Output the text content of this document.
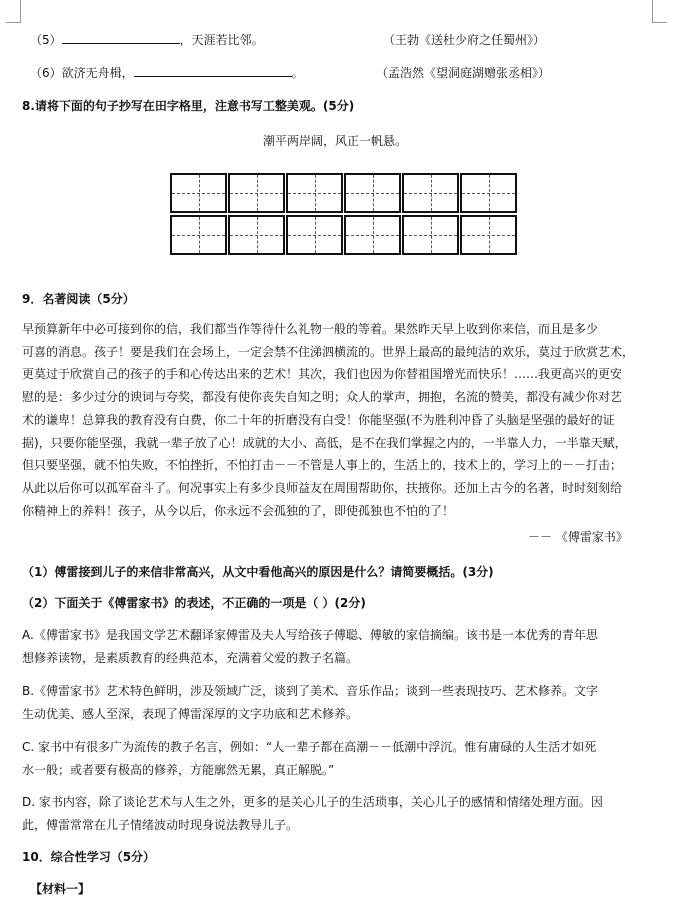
（5）	，天涯若比邻。	（王勃《送杜少府之任蜀州》）
（6）欲济无舟楫，	。	（孟浩然《望洞庭湖赠张丞相》）
8.请将下面的句子抄写在田字格里，注意书写工整美观。(5分)
潮平两岸阔，风正一帆悬。
9．名著阅读（5分）
早预算新年中必可接到你的信，我们都当作等待什么礼物一般的等着。果然昨天早上收到你来信，而且是多少
可喜的消息。孩子！要是我们在会场上，一定会禁不住涕泗横流的。世界上最高的最纯洁的欢乐，莫过于欣赏艺术，
更莫过于欣赏自己的孩子的手和心传达出来的艺术！其次，我们也因为你替祖国增光而快乐！……我更高兴的更安
慰的是：多少过分的谀词与夸奖，都没有使你丧失自知之明；众人的掌声，拥抱，名流的赞美，都没有减少你对艺
术的谦卑！总算我的教育没有白费，你二十年的折磨没有白受！你能坚强(不为胜利冲昏了头脑是坚强的最好的证
据)，只要你能坚强，我就一辈子放了心！成就的大小、高低，是不在我们掌握之内的，一半靠人力，一半靠天赋，
但只要坚强，就不怕失败，不怕挫折，不怕打击－－不管是人事上的，生活上的，技术上的，学习上的－－打击；
从此以后你可以孤军奋斗了。何况事实上有多少良师益友在周围帮助你，扶掖你。还加上古今的名著，时时刻刻给
你精神上的养料！孩子，从今以后，你永远不会孤独的了，即使孤独也不怕的了！
－－ 《傅雷家书》
（1）傅雷接到儿子的来信非常高兴，从文中看他高兴的原因是什么？请简要概括。(3分)
（2）下面关于《傅雷家书》的表述，不正确的一项是（ ）(2分)
A.《傅雷家书》是我国文学艺术翻译家傅雷及夫人写给孩子傅聪、傅敏的家信摘编。该书是一本优秀的青年思
想修养读物，是素质教育的经典范本，充满着父爱的教子名篇。
B.《傅雷家书》艺术特色鲜明，涉及领域广泛，谈到了美术、音乐作品；谈到一些表现技巧、艺术修养。文字
生动优美、感人至深，表现了傅雷深厚的文字功底和艺术修养。
C. 家书中有很多广为流传的教子名言，例如：“人一辈子都在高潮－－低潮中浮沉。惟有庸碌的人生活才如死
水一般；或者要有极高的修养，方能廓然无累，真正解脱。”
D. 家书内容，除了谈论艺术与人生之外，更多的是关心儿子的生活琐事，关心儿子的感情和情绪处理方面。因
此，傅雷常常在儿子情绪波动时现身说法教导儿子。
10．综合性学习（5分）
【材料一】
